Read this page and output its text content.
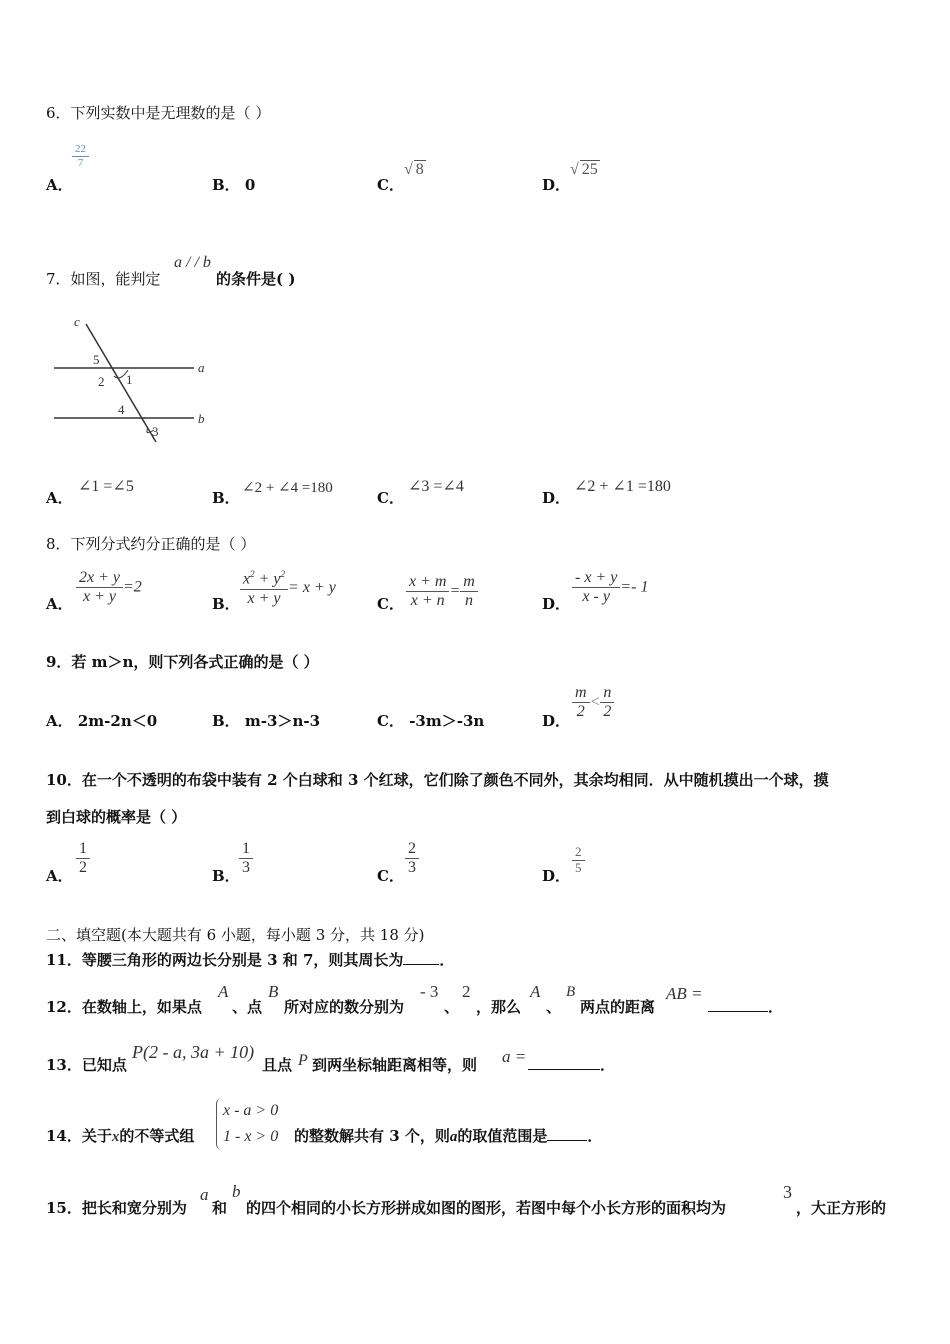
6．下列实数中是无理数的是（ ）
A．
$\frac{22}{7}$
B． 0	C．
√ 8
D．
√ 25
7．如图，能判定
a / / b
的条件是( )
c
a
b
5
2 1
4
3
A．
∠1 =∠5
B．
∠2 + ∠4 =180
C．
∠3 =∠4
D．
∠2 + ∠1 =180
8．下列分式约分正确的是（ ）
A． $\frac{2x + y}{x + y} =2$
B． $\frac{x^2 + y^2}{x + y} = x + y$
C． $\frac{x + m}{x + n} = \frac{m}{n}$	D． $\frac{- x + y}{x - y} =- 1$
9．若 m＞n，则下列各式正确的是（ ）
A． 2m-2n＜0	B． m-3＞n-3	C． -3m＞-3n	D． $\frac{m}{2} < \frac{n}{2}$
10．在一个不透明的布袋中装有 2 个白球和 3 个红球，它们除了颜色不同外，其余均相同．从中随机摸出一个球，摸
到白球的概率是（ ）
A． $\frac{1}{2}$	B． $\frac{1}{3}$	C． $\frac{2}{3}$	D．
$\frac{2}{5}$
二、填空题(本大题共有 6 小题，每小题 3 分，共 18 分)
11．等腰三角形的两边长分别是 3 和 7，则其周长为 ．
12．在数轴上，如果点
A
、点
B
所对应的数分别为
- 3
、
2
，那么
A
、
B
两点的距离
AB =
．
13．已知点
P(2 - a, 3a + 10)
且点 P 到两坐标轴距离相等，则 a =	．
14．关于x的不等式组
x - a > 0
1 - x > 0 的整数解共有 3 个，则a的取值范围是	．
15．把长和宽分别为
a
和
b
的四个相同的小长方形拼成如图的图形，若图中每个小长方形的面积均为
3
，大正方形的
